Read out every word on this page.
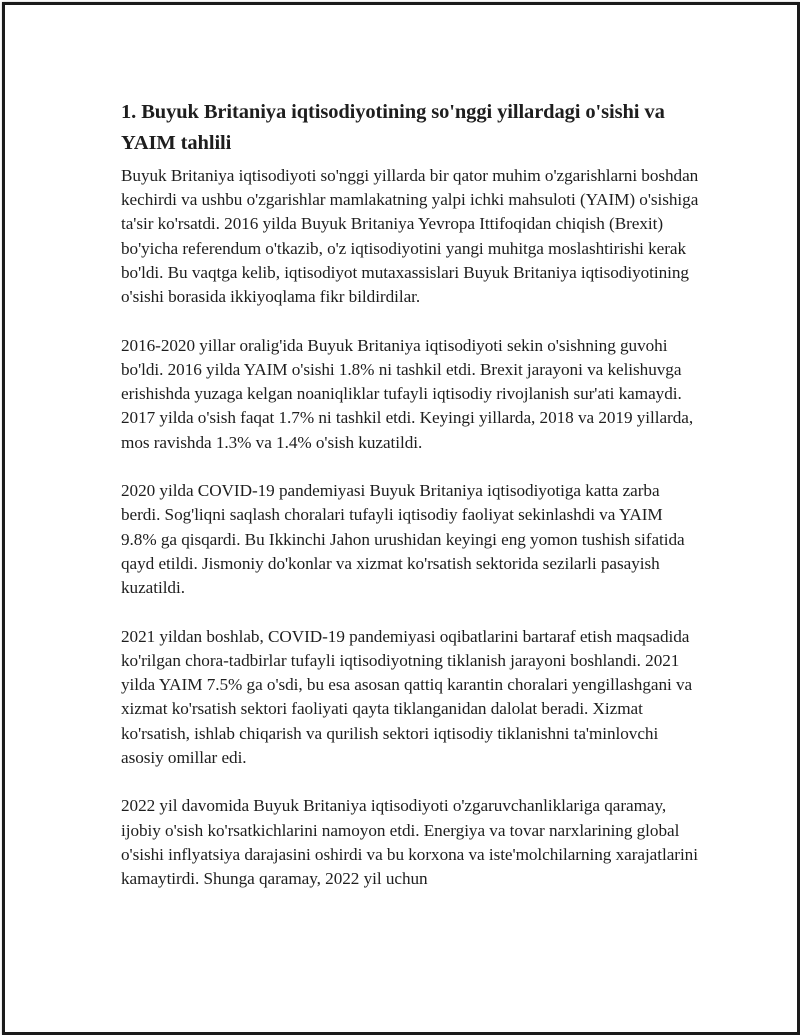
1. Buyuk Britaniya iqtisodiyotining so'nggi yillardagi o'sishi va YAIM tahlili

Buyuk Britaniya iqtisodiyoti so'nggi yillarda bir qator muhim o'zgarishlarni boshdan kechirdi va ushbu o'zgarishlar mamlakatning yalpi ichki mahsuloti (YAIM) o'sishiga ta'sir ko'rsatdi. 2016 yilda Buyuk Britaniya Yevropa Ittifoqidan chiqish (Brexit) bo'yicha referendum o'tkazib, o'z iqtisodiyotini yangi muhitga moslashtirishi kerak bo'ldi. Bu vaqtga kelib, iqtisodiyot mutaxassislari Buyuk Britaniya iqtisodiyotining o'sishi borasida ikkiyoqlama fikr bildirdilar.

2016-2020 yillar oralig'ida Buyuk Britaniya iqtisodiyoti sekin o'sishning guvohi bo'ldi. 2016 yilda YAIM o'sishi 1.8% ni tashkil etdi. Brexit jarayoni va kelishuvga erishishda yuzaga kelgan noaniqliklar tufayli iqtisodiy rivojlanish sur'ati kamaydi. 2017 yilda o'sish faqat 1.7% ni tashkil etdi. Keyingi yillarda, 2018 va 2019 yillarda, mos ravishda 1.3% va 1.4% o'sish kuzatildi.

2020 yilda COVID-19 pandemiyasi Buyuk Britaniya iqtisodiyotiga katta zarba berdi. Sog'liqni saqlash choralari tufayli iqtisodiy faoliyat sekinlashdi va YAIM 9.8% ga qisqardi. Bu Ikkinchi Jahon urushidan keyingi eng yomon tushish sifatida qayd etildi. Jismoniy do'konlar va xizmat ko'rsatish sektorida sezilarli pasayish kuzatildi.

2021 yildan boshlab, COVID-19 pandemiyasi oqibatlarini bartaraf etish maqsadida ko'rilgan chora-tadbirlar tufayli iqtisodiyotning tiklanish jarayoni boshlandi. 2021 yilda YAIM 7.5% ga o'sdi, bu esa asosan qattiq karantin choralari yengillashgani va xizmat ko'rsatish sektori faoliyati qayta tiklanganidan dalolat beradi. Xizmat ko'rsatish, ishlab chiqarish va qurilish sektori iqtisodiy tiklanishni ta'minlovchi asosiy omillar edi.

2022 yil davomida Buyuk Britaniya iqtisodiyoti o'zgaruvchanliklariga qaramay, ijobiy o'sish ko'rsatkichlarini namoyon etdi. Energiya va tovar narxlarining global o'sishi inflyatsiya darajasini oshirdi va bu korxona va iste'molchilarning xarajatlarini kamaytirdi. Shunga qaramay, 2022 yil uchun
